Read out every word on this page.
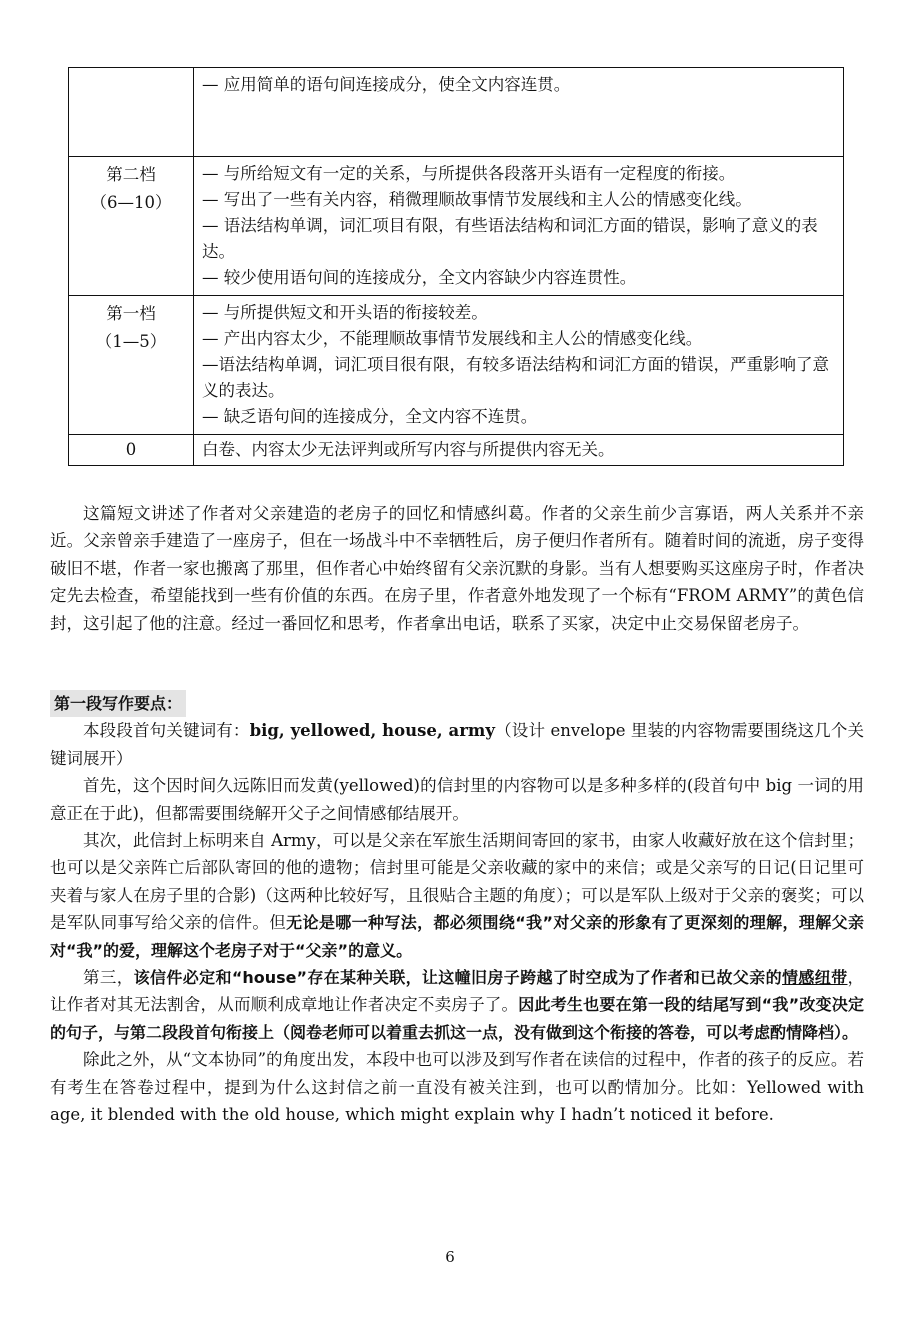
	— 应用简单的语句间连接成分，使全文内容连贯。

第二档
（6—10）	— 与所给短文有一定的关系，与所提供各段落开头语有一定程度的衔接。
— 写出了一些有关内容，稍微理顺故事情节发展线和主人公的情感变化线。
— 语法结构单调，词汇项目有限，有些语法结构和词汇方面的错误，影响了意义的表达。
— 较少使用语句间的连接成分，全文内容缺少内容连贯性。

第一档
（1—5）	— 与所提供短文和开头语的衔接较差。
— 产出内容太少，不能理顺故事情节发展线和主人公的情感变化线。
—语法结构单调，词汇项目很有限，有较多语法结构和词汇方面的错误，严重影响了意义的表达。
— 缺乏语句间的连接成分，全文内容不连贯。

0	白卷、内容太少无法评判或所写内容与所提供内容无关。

这篇短文讲述了作者对父亲建造的老房子的回忆和情感纠葛。作者的父亲生前少言寡语，两人关系并不亲近。父亲曾亲手建造了一座房子，但在一场战斗中不幸牺牲后，房子便归作者所有。随着时间的流逝，房子变得破旧不堪，作者一家也搬离了那里，但作者心中始终留有父亲沉默的身影。当有人想要购买这座房子时，作者决定先去检查，希望能找到一些有价值的东西。在房子里，作者意外地发现了一个标有“FROM ARMY”的黄色信封，这引起了他的注意。经过一番回忆和思考，作者拿出电话，联系了买家，决定中止交易保留老房子。

第一段写作要点：

本段段首句关键词有：big, yellowed, house, army（设计 envelope 里装的内容物需要围绕这几个关键词展开）

首先，这个因时间久远陈旧而发黄(yellowed)的信封里的内容物可以是多种多样的(段首句中 big 一词的用意正在于此)，但都需要围绕解开父子之间情感郁结展开。

其次，此信封上标明来自 Army，可以是父亲在军旅生活期间寄回的家书，由家人收藏好放在这个信封里；也可以是父亲阵亡后部队寄回的他的遗物；信封里可能是父亲收藏的家中的来信；或是父亲写的日记(日记里可夹着与家人在房子里的合影)（这两种比较好写，且很贴合主题的角度）；可以是军队上级对于父亲的褒奖；可以是军队同事写给父亲的信件。但无论是哪一种写法，都必须围绕“我”对父亲的形象有了更深刻的理解，理解父亲对“我”的爱，理解这个老房子对于“父亲”的意义。

第三，该信件必定和“house”存在某种关联，让这幢旧房子跨越了时空成为了作者和已故父亲的情感纽带，让作者对其无法割舍，从而顺利成章地让作者决定不卖房子了。因此考生也要在第一段的结尾写到“我”改变决定的句子，与第二段段首句衔接上（阅卷老师可以着重去抓这一点，没有做到这个衔接的答卷，可以考虑酌情降档）。

除此之外，从“文本协同”的角度出发，本段中也可以涉及到写作者在读信的过程中，作者的孩子的反应。若有考生在答卷过程中，提到为什么这封信之前一直没有被关注到，也可以酌情加分。比如：Yellowed with age, it blended with the old house, which might explain why I hadn’t noticed it before.

6
